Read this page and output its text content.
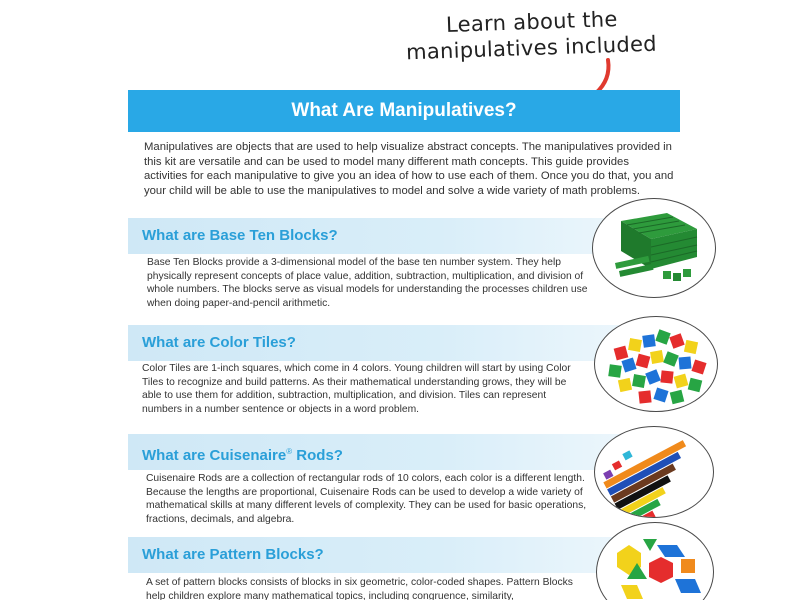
Learn about the
manipulatives included
What Are Manipulatives?

Manipulatives are objects that are used to help visualize abstract concepts. The manipulatives provided in this kit are versatile and can be used to model many different math concepts. This guide provides activities for each manipulative to give you an idea of how to use each of them. Once you do that, you and your child will be able to use the manipulatives to model and solve a wide variety of math problems.

What are Base Ten Blocks?

Base Ten Blocks provide a 3-dimensional model of the base ten number system. They help physically represent concepts of place value, addition, subtraction, multiplication, and division of whole numbers. The blocks serve as visual models for understanding the processes children use when doing paper-and-pencil arithmetic.

What are Color Tiles?

Color Tiles are 1-inch squares, which come in 4 colors. Young children will start by using Color Tiles to recognize and build patterns. As their mathematical understanding grows, they will be able to use them for addition, subtraction, multiplication, and division. Tiles can represent numbers in a number sentence or objects in a word problem.

What are Cuisenaire® Rods?

Cuisenaire Rods are a collection of rectangular rods of 10 colors, each color is a different length. Because the lengths are proportional, Cuisenaire Rods can be used to develop a wide variety of mathematical skills at many different levels of complexity. They can be used for basic operations, fractions, decimals, and algebra.

What are Pattern Blocks?

A set of pattern blocks consists of blocks in six geometric, color-coded shapes. Pattern Blocks help children explore many mathematical topics, including congruence, similarity,
